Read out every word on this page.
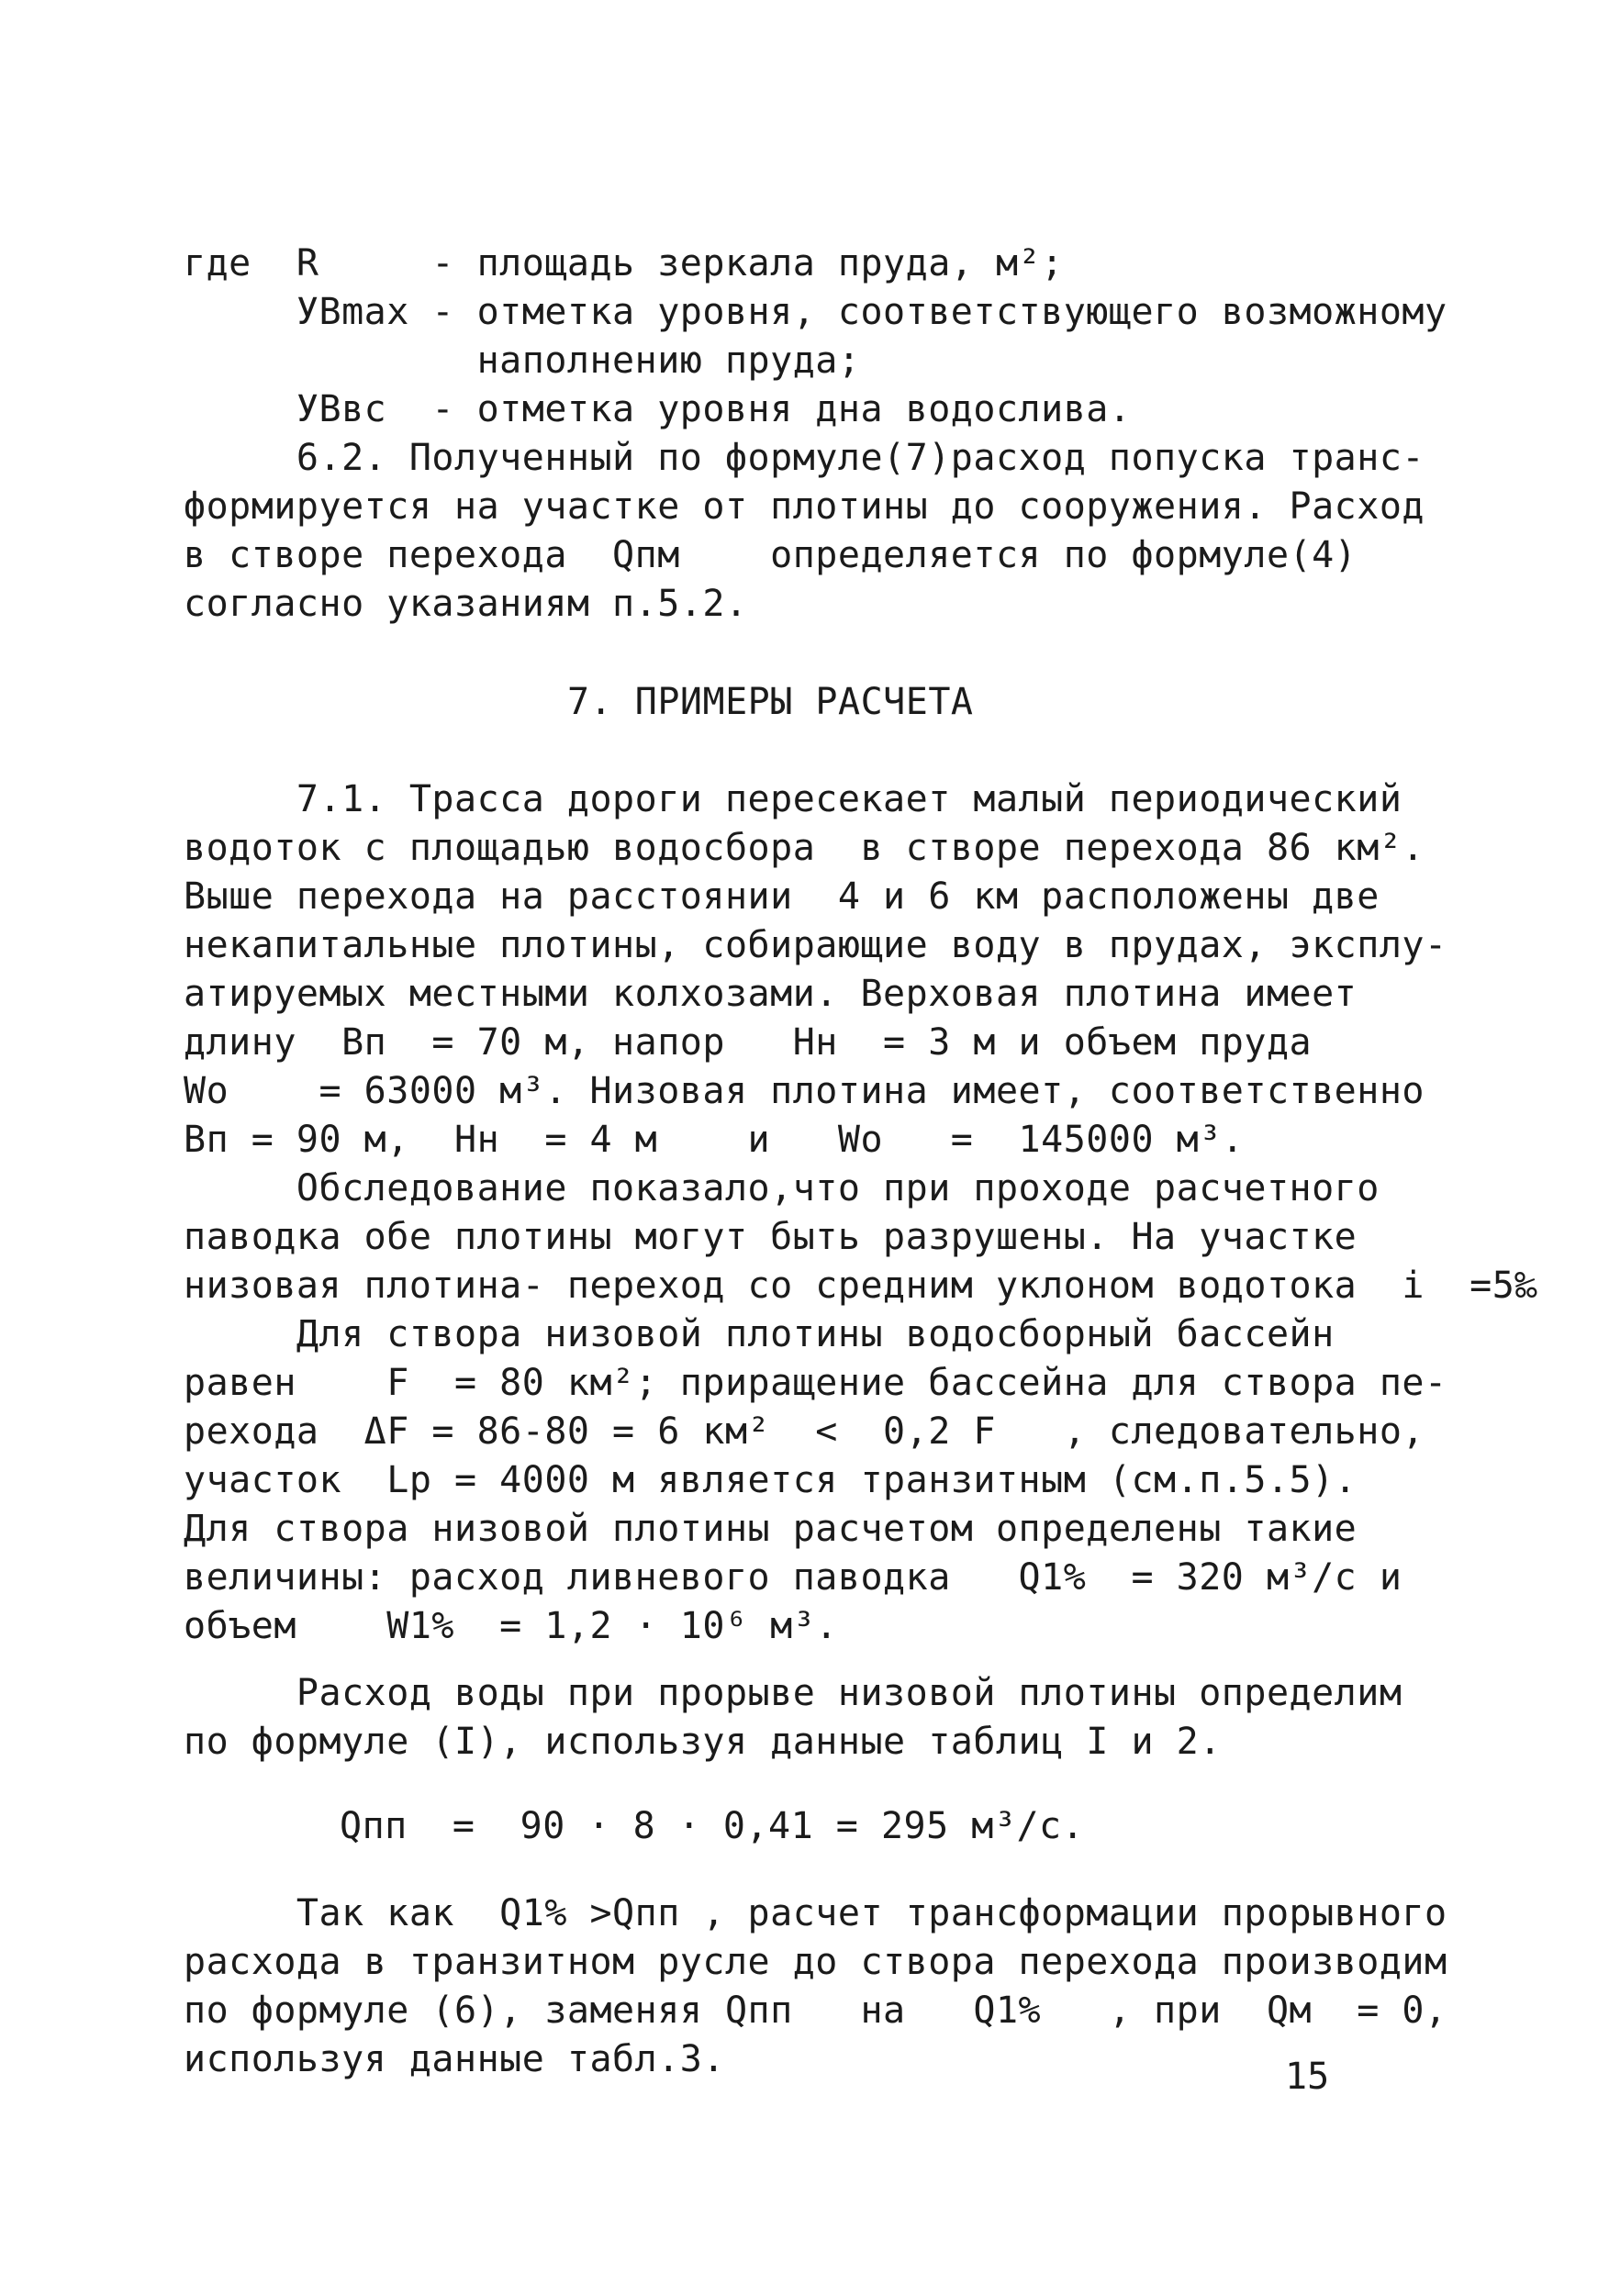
где  R     - площадь зеркала пруда, м²;
УВmax - отметка уровня, соответствующего возможному
наполнению пруда;
УВвс  - отметка уровня дна водослива.
6.2. Полученный по формуле(7)расход попуска транс-
формируется на участке от плотины до сооружения. Расход
в створе перехода  Qпм    определяется по формуле(4)
согласно указаниям п.5.2.
7. ПРИМЕРЫ РАСЧЕТА
7.1. Трасса дороги пересекает малый периодический
водоток с площадью водосбора  в створе перехода 86 км².
Выше перехода на расстоянии  4 и 6 км расположены две
некапитальные плотины, собирающие воду в прудах, эксплу-
атируемых местными колхозами. Верховая плотина имеет
длину  Вп  = 70 м, напор   Нн  = 3 м и объем пруда
Wо    = 63000 м³. Низовая плотина имеет, соответственно
Вп = 90 м,  Нн  = 4 м    и   Wо   =  145000 м³.
Обследование показало,что при проходе расчетного
паводка обе плотины могут быть разрушены. На участке
низовая плотина- переход со средним уклоном водотока  i  =5‰
Для створа низовой плотины водосборный бассейн
равен    F  = 80 км²; приращение бассейна для створа пе-
рехода  ΔF = 86-80 = 6 км²  <  0,2 F   , следовательно,
участок  Lр = 4000 м является транзитным (см.п.5.5).
Для створа низовой плотины расчетом определены такие
величины: расход ливневого паводка   Q1%  = 320 м³/с и
объем    W1%  = 1,2 · 10⁶ м³.
Расход воды при прорыве низовой плотины определим
по формуле (I), используя данные таблиц I и 2.
Qпп  =  90 · 8 · 0,41 = 295 м³/с.
Так как  Q1% >Qпп , расчет трансформации прорывного
расхода в транзитном русле до створа перехода производим
по формуле (6), заменяя Qпп   на   Q1%   , при  Qм  = 0,
используя данные табл.3.	15
